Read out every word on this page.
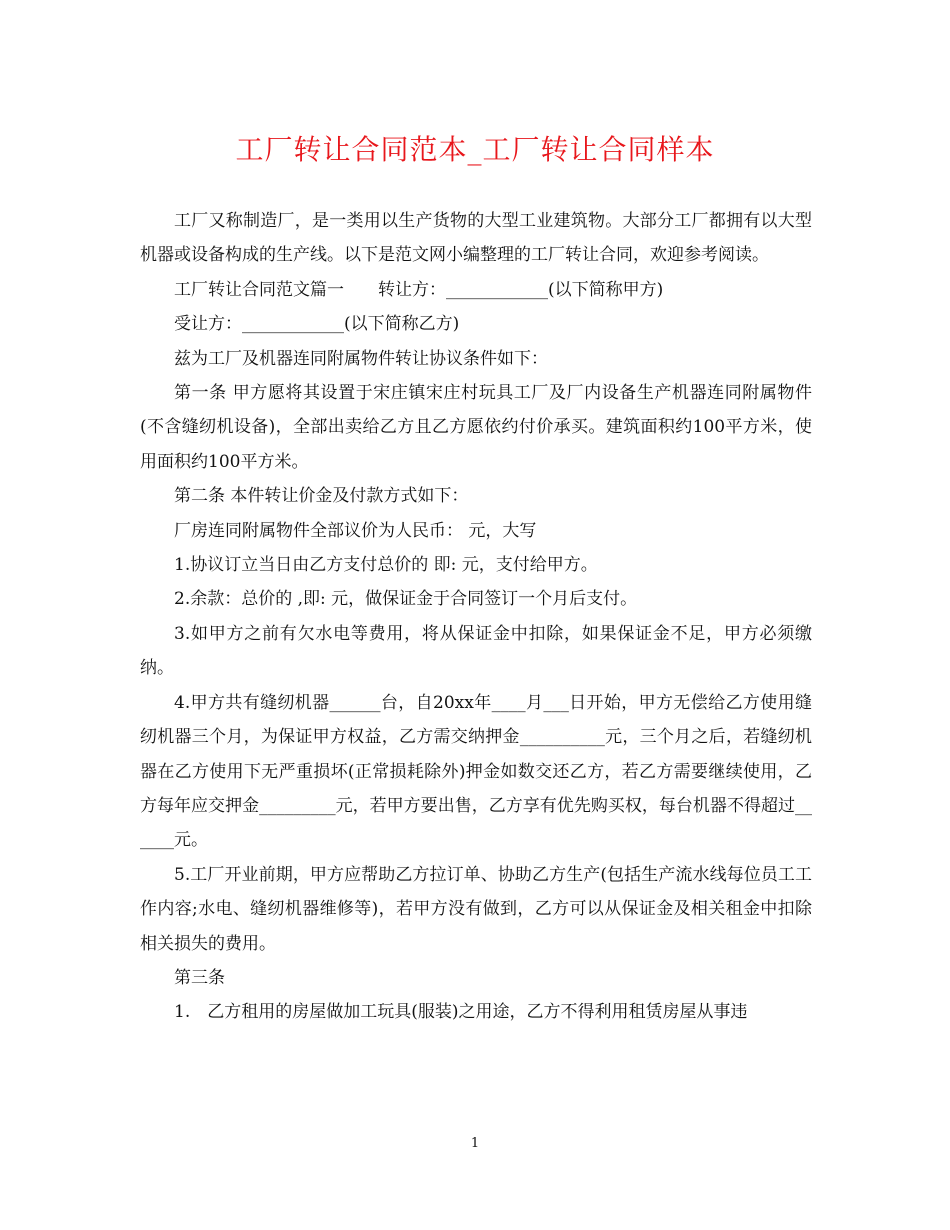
工厂转让合同范本_工厂转让合同样本

工厂又称制造厂，是一类用以生产货物的大型工业建筑物。大部分工厂都拥有以大型机器或设备构成的生产线。以下是范文网小编整理的工厂转让合同，欢迎参考阅读。

工厂转让合同范文篇一　　转让方：____________(以下简称甲方)

受让方：____________(以下简称乙方)

兹为工厂及机器连同附属物件转让协议条件如下：

第一条 甲方愿将其设置于宋庄镇宋庄村玩具工厂及厂内设备生产机器连同附属物件(不含缝纫机设备)，全部出卖给乙方且乙方愿依约付价承买。建筑面积约100平方米，使用面积约100平方米。

第二条 本件转让价金及付款方式如下：

厂房连同附属物件全部议价为人民币： 元，大写

1.协议订立当日由乙方支付总价的 即: 元，支付给甲方。

2.余款：总价的 ,即: 元，做保证金于合同签订一个月后支付。

3.如甲方之前有欠水电等费用，将从保证金中扣除，如果保证金不足，甲方必须缴纳。

4.甲方共有缝纫机器______台，自20xx年____月___日开始，甲方无偿给乙方使用缝纫机器三个月，为保证甲方权益，乙方需交纳押金__________元，三个月之后，若缝纫机器在乙方使用下无严重损坏(正常损耗除外)押金如数交还乙方，若乙方需要继续使用，乙方每年应交押金_________元，若甲方要出售，乙方享有优先购买权，每台机器不得超过______元。

5.工厂开业前期，甲方应帮助乙方拉订单、协助乙方生产(包括生产流水线每位员工工作内容;水电、缝纫机器维修等)，若甲方没有做到，乙方可以从保证金及相关租金中扣除相关损失的费用。

第三条

1.　乙方租用的房屋做加工玩具(服装)之用途，乙方不得利用租赁房屋从事违

1
